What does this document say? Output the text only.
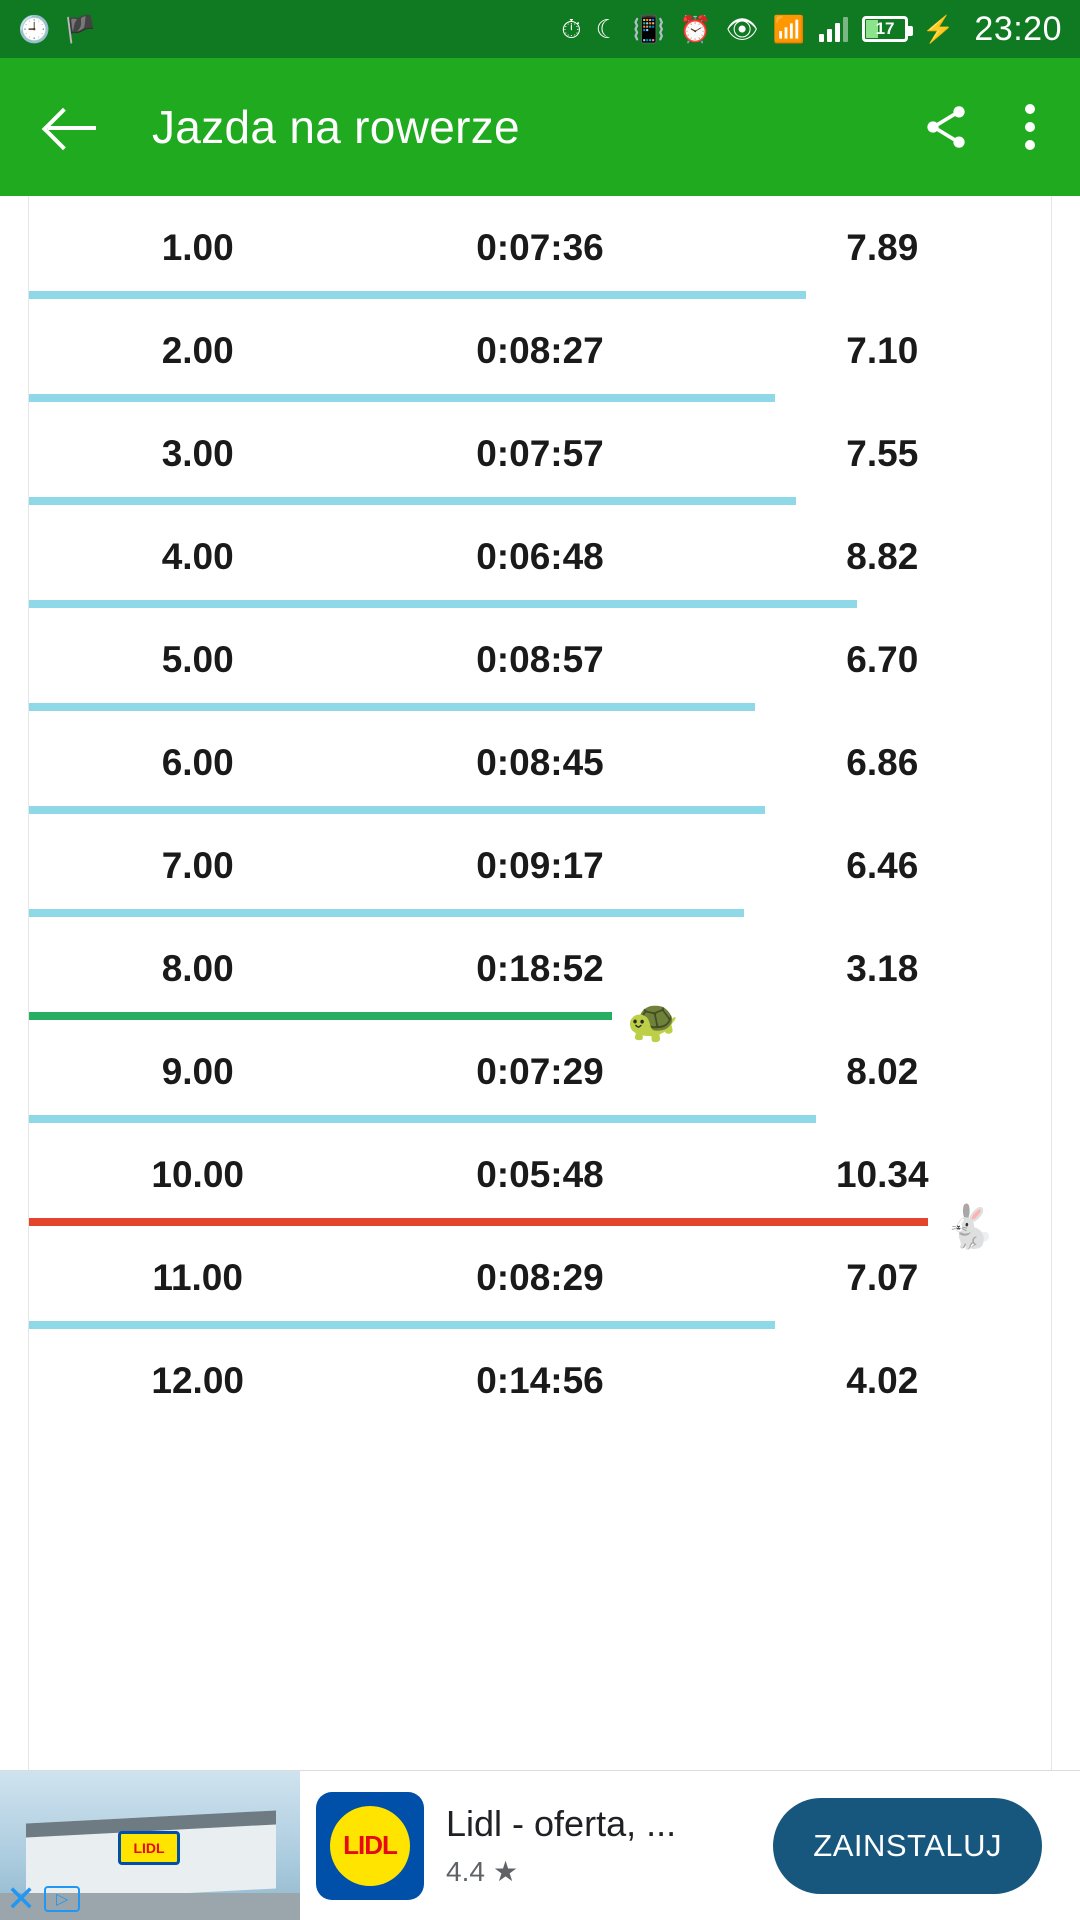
🕘 🏴	⏱ ☾ 📳 ⏰ 👁 📶	17 ⚡ 23:20
Jazda na rowerze
1.00	0:07:36	7.89
2.00	0:08:27	7.10
3.00	0:07:57	7.55
4.00	0:06:48	8.82
5.00	0:08:57	6.70
6.00	0:08:45	6.86
7.00	0:09:17	6.46
8.00	0:18:52	3.18
🐢
9.00	0:07:29	8.02
10.00	0:05:48	10.34
🐇
11.00	0:08:29	7.07
12.00	0:14:56	4.02
LIDL
✕	▷
LIDL
Lidl - oferta, ...
4.4 ★
ZAINSTALUJ
